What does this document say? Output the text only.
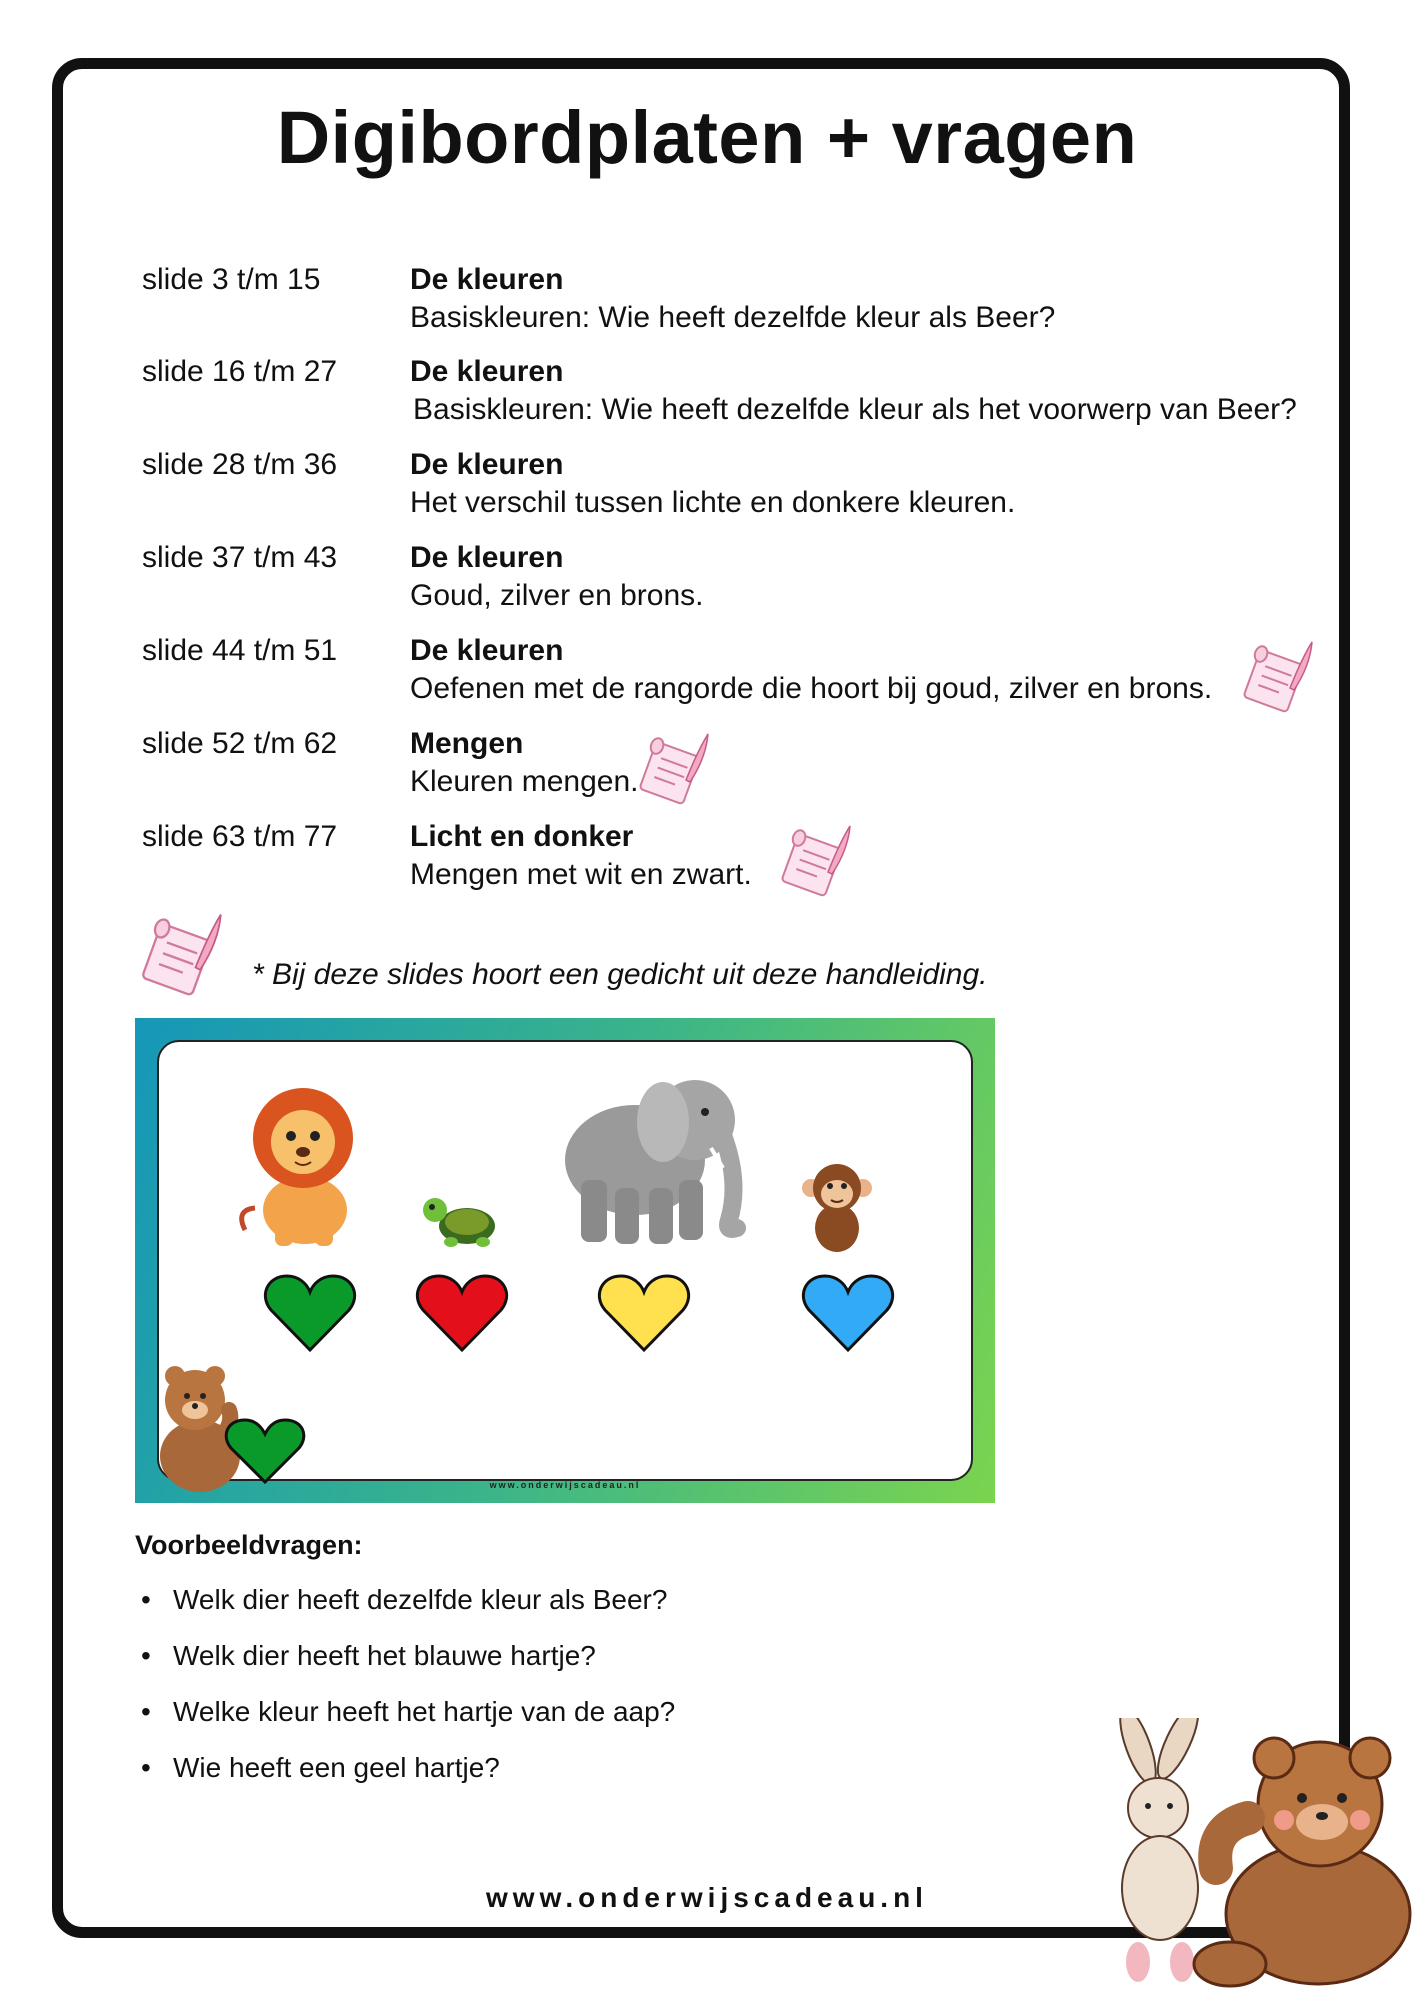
Digibordplaten + vragen
slide 3 t/m 15	De kleuren
Basiskleuren: Wie heeft dezelfde kleur als Beer?
slide 16 t/m 27 De kleuren
Basiskleuren: Wie heeft dezelfde kleur als het voorwerp van Beer?
slide 28 t/m 36 De kleuren
Het verschil tussen lichte en donkere kleuren.
slide 37 t/m 43 De kleuren
Goud, zilver en brons.
slide 44 t/m 51 De kleuren
Oefenen met de rangorde die hoort bij goud, zilver en brons.
slide 52 t/m 62 Mengen
Kleuren mengen.
slide 63 t/m 77 Licht en donker
Mengen met wit en zwart.
* Bij deze slides hoort een gedicht uit deze handleiding.
www.onderwijscadeau.nl
Voorbeeldvragen:
• Welk dier heeft dezelfde kleur als Beer?
• Welk dier heeft het blauwe hartje?
• Welke kleur heeft het hartje van de aap?
• Wie heeft een geel hartje?
www.onderwijscadeau.nl
